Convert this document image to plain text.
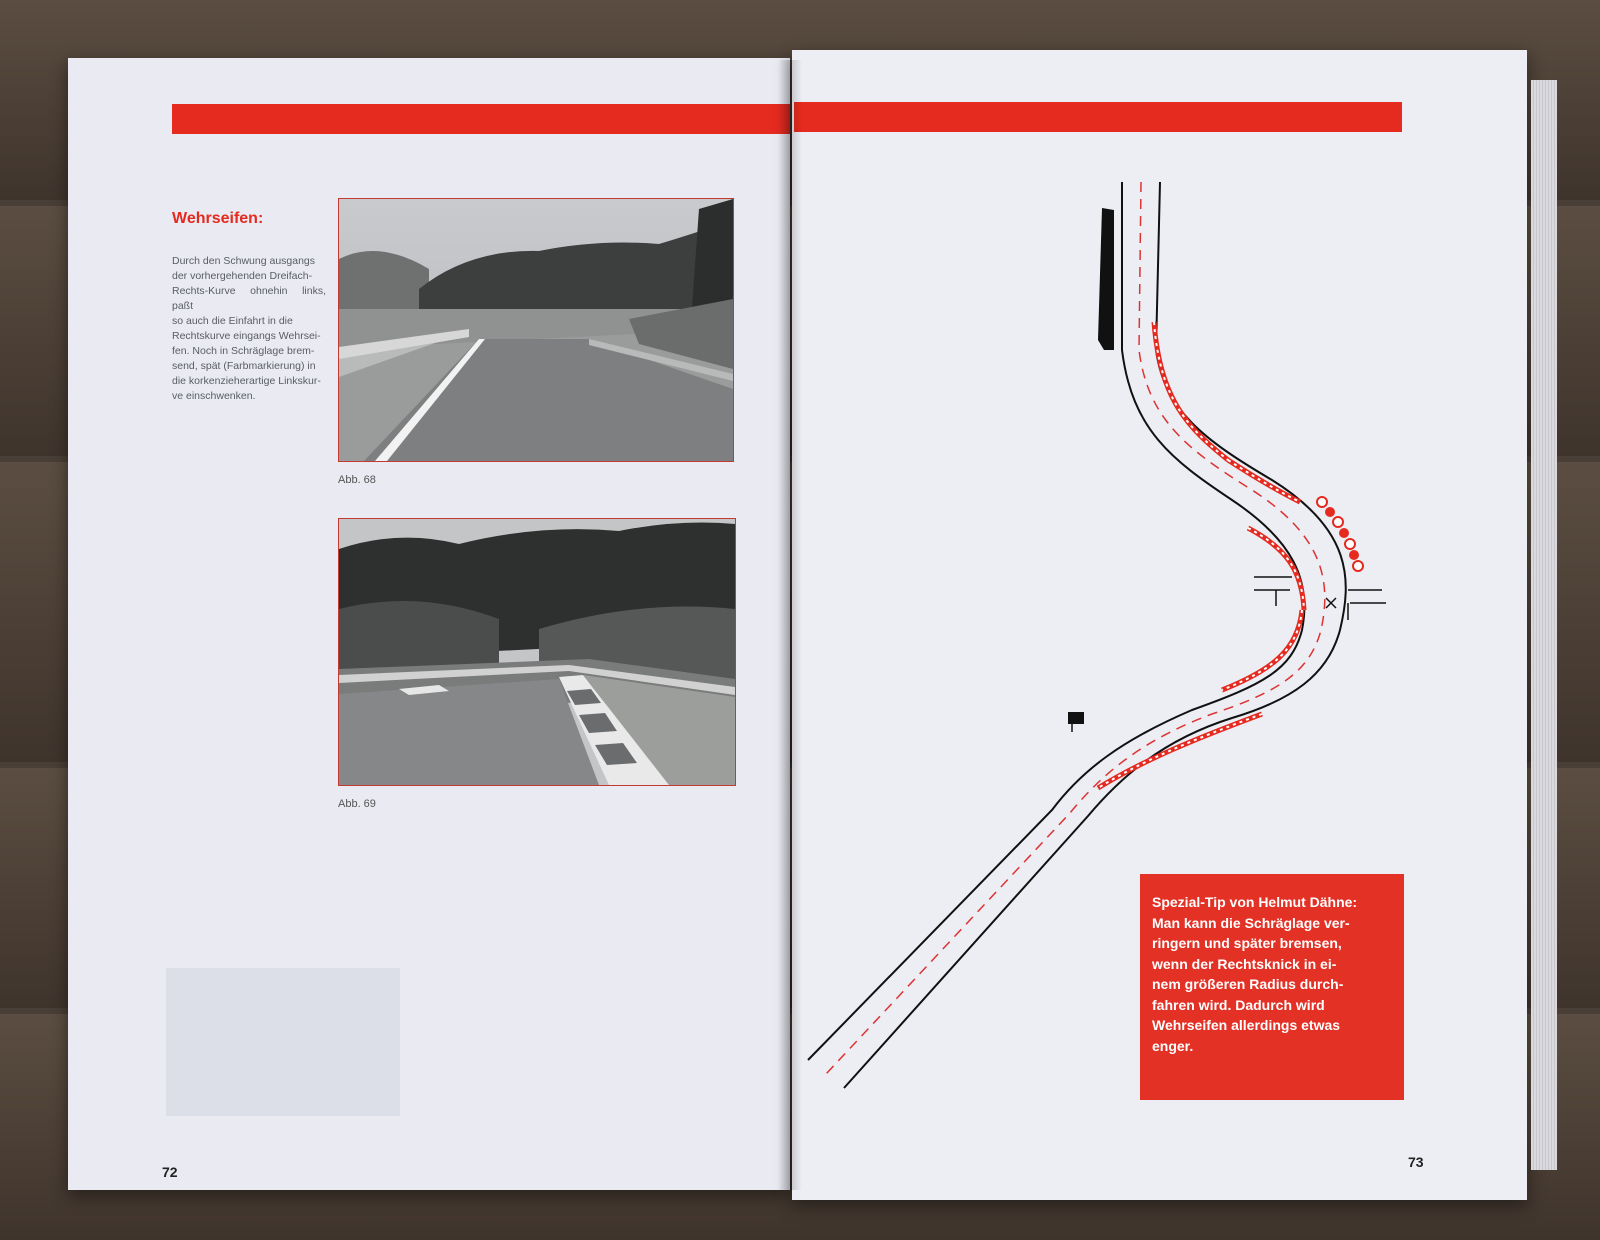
Wehrseifen:
Durch den Schwung ausgangs
der vorhergehenden Dreifach-
Rechts-Kurve ohnehin links, paßt
so auch die Einfahrt in die
Rechtskurve eingangs Wehrsei-
fen. Noch in Schräglage brem-
send, spät (Farbmarkierung) in
die korkenzieherartige Linkskur-
ve einschwenken.
Abb. 68
Abb. 69
72
Spezial-Tip von Helmut Dähne:
Man kann die Schräglage ver-
ringern und später bremsen,
wenn der Rechtsknick in ei-
nem größeren Radius durch-
fahren wird. Dadurch wird
Wehrseifen allerdings etwas
enger.
73
